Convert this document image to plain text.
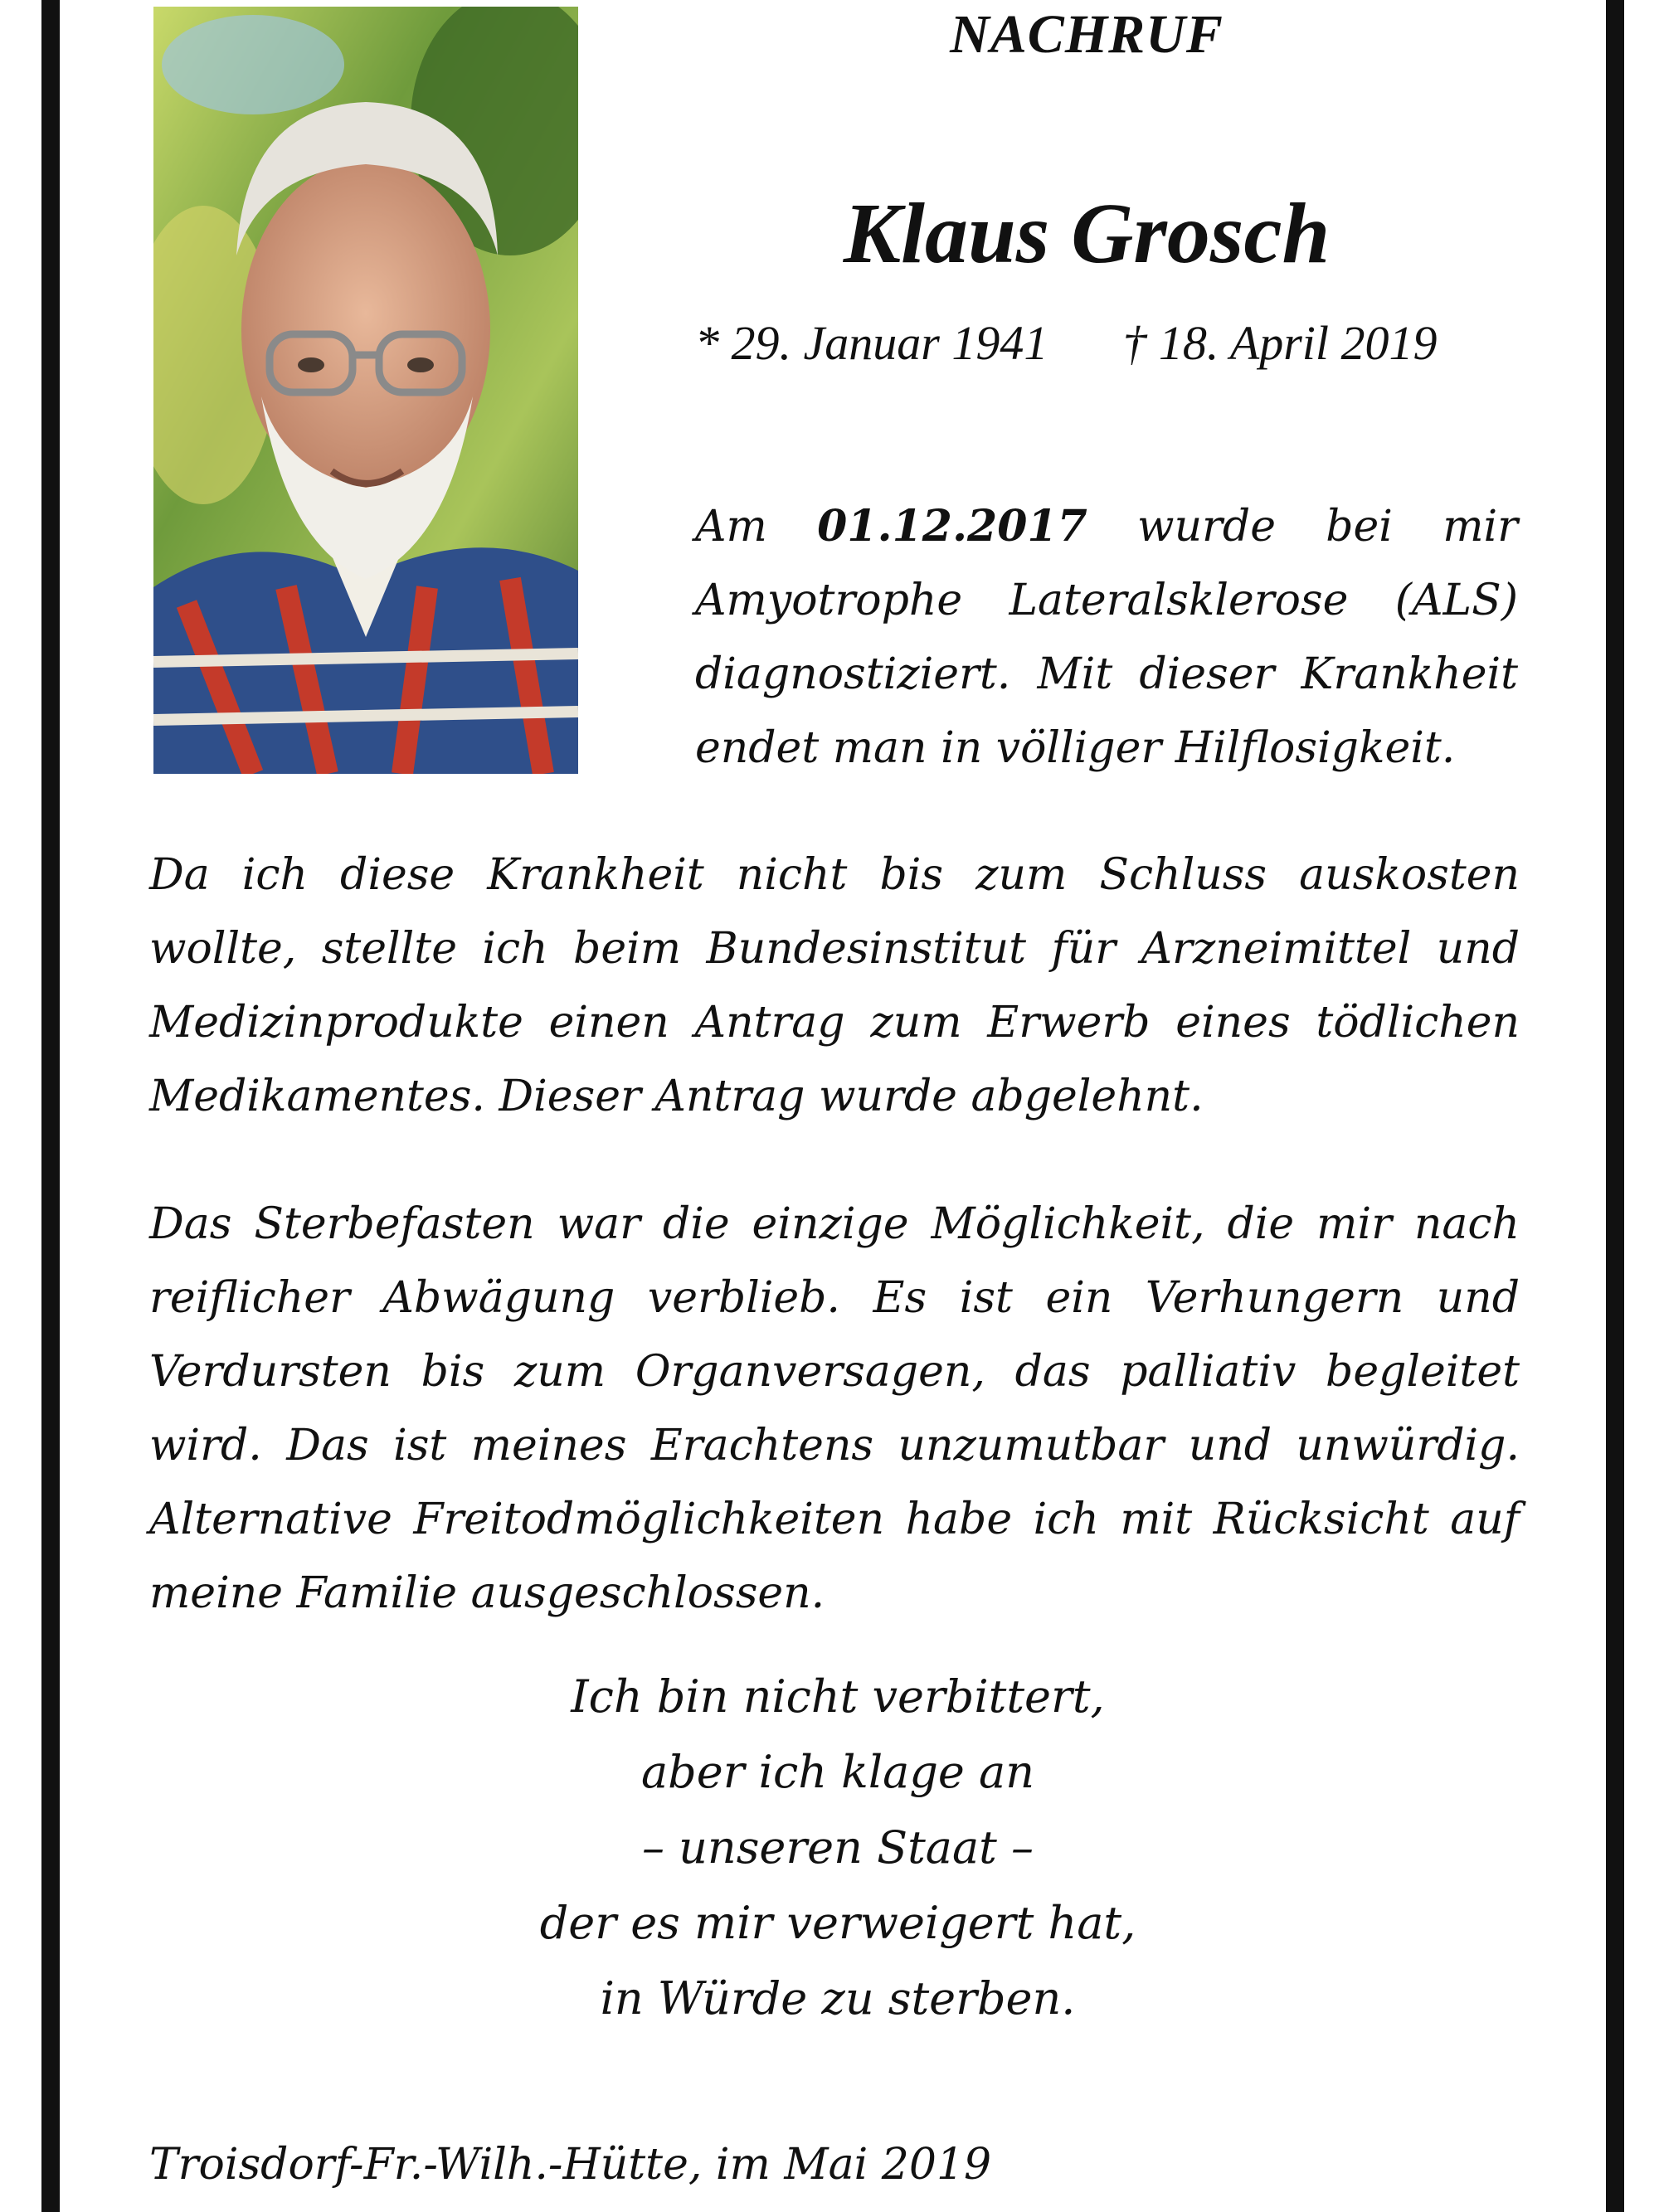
NACHRUF
Klaus Grosch
* 29. Januar 1941 † 18. April 2019
Am 01.12.2017 wurde bei mir Amyotrophe Lateralsklerose (ALS) diagnostiziert. Mit dieser Krankheit endet man in völliger Hilflosigkeit.
Da ich diese Krankheit nicht bis zum Schluss auskosten wollte, stellte ich beim Bundesinstitut für Arzneimittel und Medizinprodukte einen Antrag zum Erwerb eines tödlichen Medikamentes. Dieser Antrag wurde abgelehnt.
Das Sterbefasten war die einzige Möglichkeit, die mir nach reiflicher Abwägung verblieb. Es ist ein Verhungern und Verdursten bis zum Organversagen, das palliativ begleitet wird. Das ist meines Erachtens unzumutbar und unwürdig. Alternative Freitodmöglichkeiten habe ich mit Rücksicht auf meine Familie ausgeschlossen.
Ich bin nicht verbittert,
aber ich klage an
– unseren Staat –
der es mir verweigert hat,
in Würde zu sterben.
Troisdorf-Fr.-Wilh.-Hütte, im Mai 2019
